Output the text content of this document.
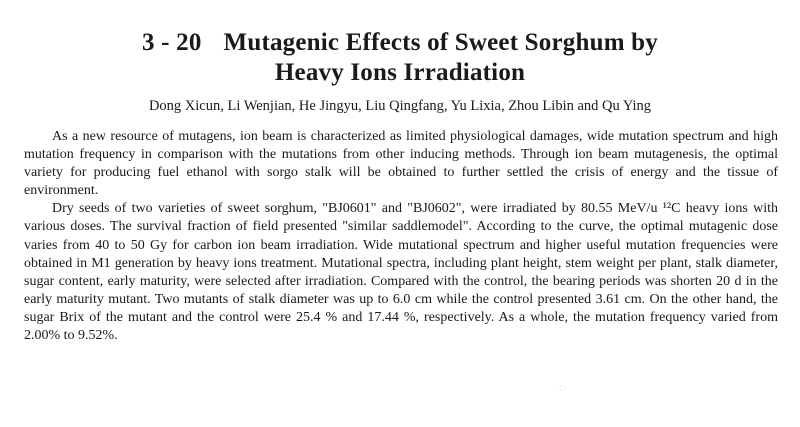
3 - 20 Mutagenic Effects of Sweet Sorghum by
Heavy Ions Irradiation
Dong Xicun, Li Wenjian, He Jingyu, Liu Qingfang, Yu Lixia, Zhou Libin and Qu Ying

As a new resource of mutagens, ion beam is characterized as limited physiological damages, wide mutation spectrum and high mutation frequency in comparison with the mutations from other inducing methods. Through ion beam mutagenesis, the optimal variety for producing fuel ethanol with sorgo stalk will be obtained to further settled the crisis of energy and the tissue of environment.

Dry seeds of two varieties of sweet sorghum, "BJ0601" and "BJ0602", were irradiated by 80.55 MeV/u ¹²C heavy ions with various doses. The survival fraction of field presented "similar saddlemodel". According to the curve, the optimal mutagenic dose varies from 40 to 50 Gy for carbon ion beam irradiation. Wide mutational spectrum and higher useful mutation frequencies were obtained in M1 generation by heavy ions treatment. Mutational spectra, including plant height, stem weight per plant, stalk diameter, sugar content, early maturity, were selected after irradiation. Compared with the control, the bearing periods was shorten 20 d in the early maturity mutant. Two mutants of stalk diameter was up to 6.0 cm while the control presented 3.61 cm. On the other hand, the sugar Brix of the mutant and the control were 25.4 % and 17.44 %, respectively. As a whole, the mutation frequency varied from 2.00% to 9.52%.

·:·
